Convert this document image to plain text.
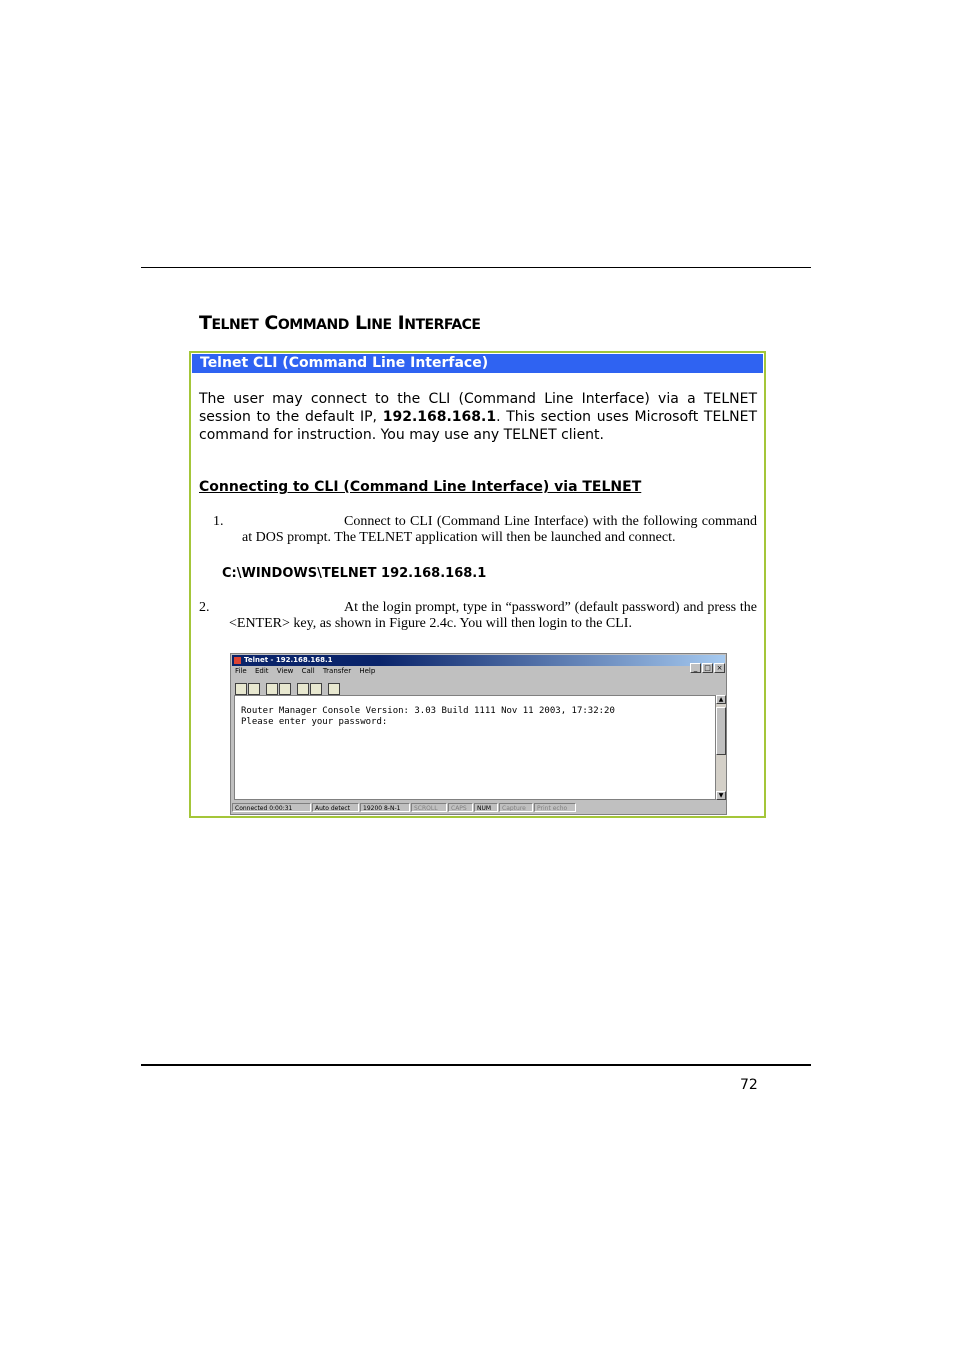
TELNET COMMAND LINE INTERFACE
Telnet CLI (Command Line Interface)
The user may connect to the CLI (Command Line Interface) via a TELNET session to the default IP, 192.168.168.1. This section uses Microsoft TELNET command for instruction. You may use any TELNET client.
Connecting to CLI (Command Line Interface) via TELNET
1.	Connect to CLI (Command Line Interface) with the following command at DOS prompt. The TELNET application will then be launched and connect.
C:\WINDOWS\TELNET 192.168.168.1
2.	At the login prompt, type in “password” (default password) and press the <ENTER> key, as shown in Figure 2.4c. You will then login to the CLI.
Telnet - 192.168.168.1
_ □ ×
File Edit View Call Transfer Help
Router Manager Console Version: 3.03 Build 1111 Nov 11 2003, 17:32:20
Please enter your password:
▲
▼
Connected 0:00:31	Auto detect 19200 8-N-1 SCROLL CAPS NUM Capture Print echo
72
